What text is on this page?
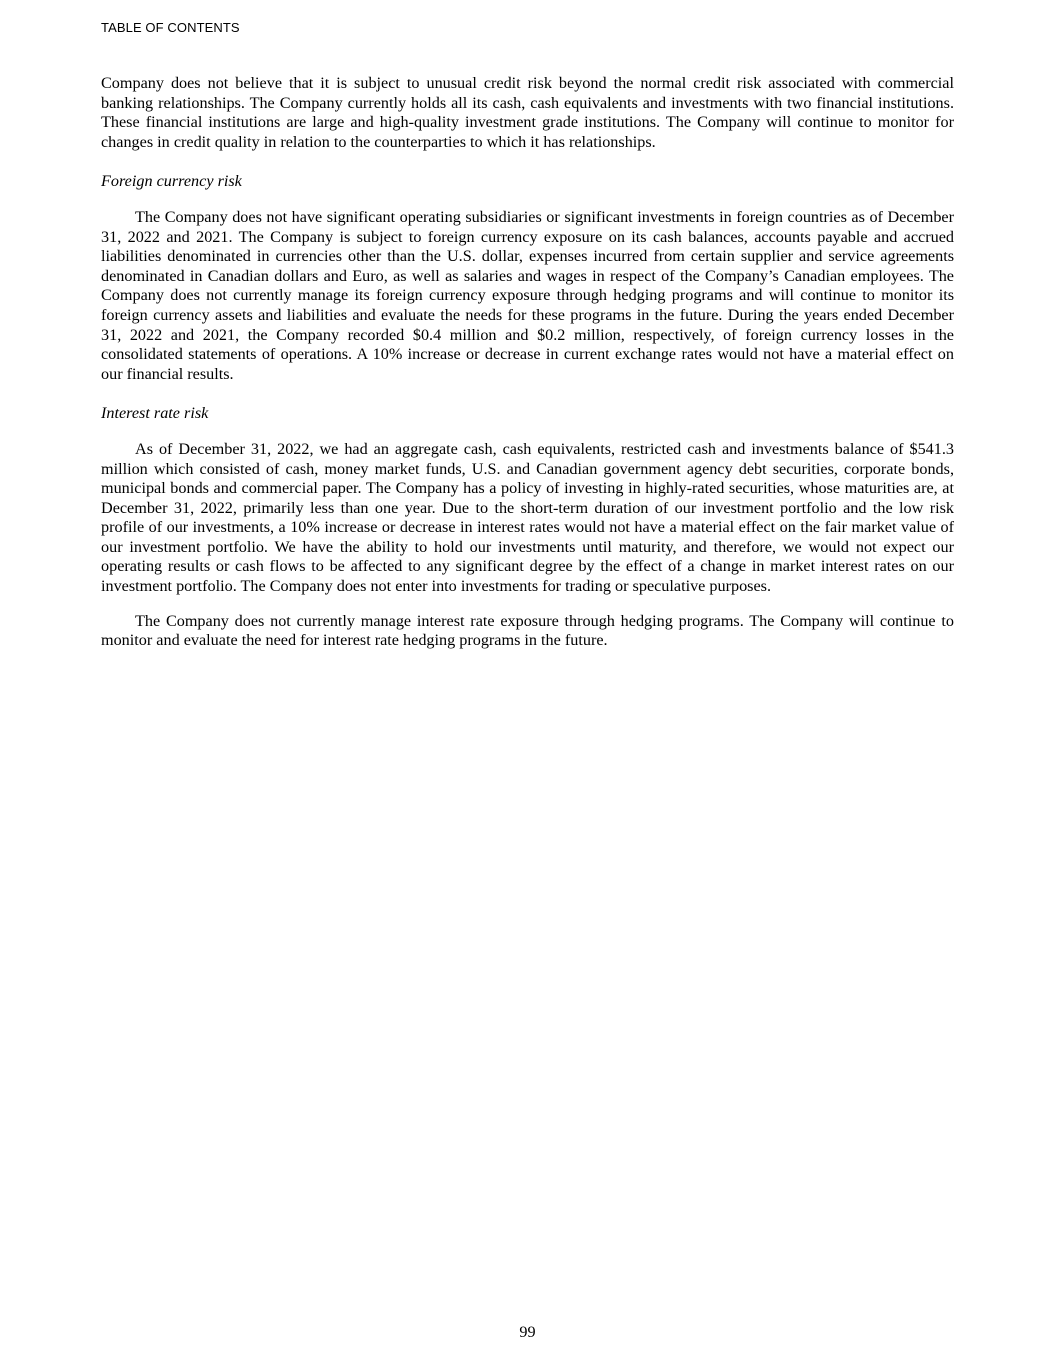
TABLE OF CONTENTS

Company does not believe that it is subject to unusual credit risk beyond the normal credit risk associated with commercial banking relationships. The Company currently holds all its cash, cash equivalents and investments with two financial institutions. These financial institutions are large and high-quality investment grade institutions. The Company will continue to monitor for changes in credit quality in relation to the counterparties to which it has relationships.

Foreign currency risk

The Company does not have significant operating subsidiaries or significant investments in foreign countries as of December 31, 2022 and 2021. The Company is subject to foreign currency exposure on its cash balances, accounts payable and accrued liabilities denominated in currencies other than the U.S. dollar, expenses incurred from certain supplier and service agreements denominated in Canadian dollars and Euro, as well as salaries and wages in respect of the Company’s Canadian employees. The Company does not currently manage its foreign currency exposure through hedging programs and will continue to monitor its foreign currency assets and liabilities and evaluate the needs for these programs in the future. During the years ended December 31, 2022 and 2021, the Company recorded $0.4 million and $0.2 million, respectively, of foreign currency losses in the consolidated statements of operations. A 10% increase or decrease in current exchange rates would not have a material effect on our financial results.

Interest rate risk

As of December 31, 2022, we had an aggregate cash, cash equivalents, restricted cash and investments balance of $541.3 million which consisted of cash, money market funds, U.S. and Canadian government agency debt securities, corporate bonds, municipal bonds and commercial paper. The Company has a policy of investing in highly-rated securities, whose maturities are, at December 31, 2022, primarily less than one year. Due to the short-term duration of our investment portfolio and the low risk profile of our investments, a 10% increase or decrease in interest rates would not have a material effect on the fair market value of our investment portfolio. We have the ability to hold our investments until maturity, and therefore, we would not expect our operating results or cash flows to be affected to any significant degree by the effect of a change in market interest rates on our investment portfolio. The Company does not enter into investments for trading or speculative purposes.

The Company does not currently manage interest rate exposure through hedging programs. The Company will continue to monitor and evaluate the need for interest rate hedging programs in the future.

99
